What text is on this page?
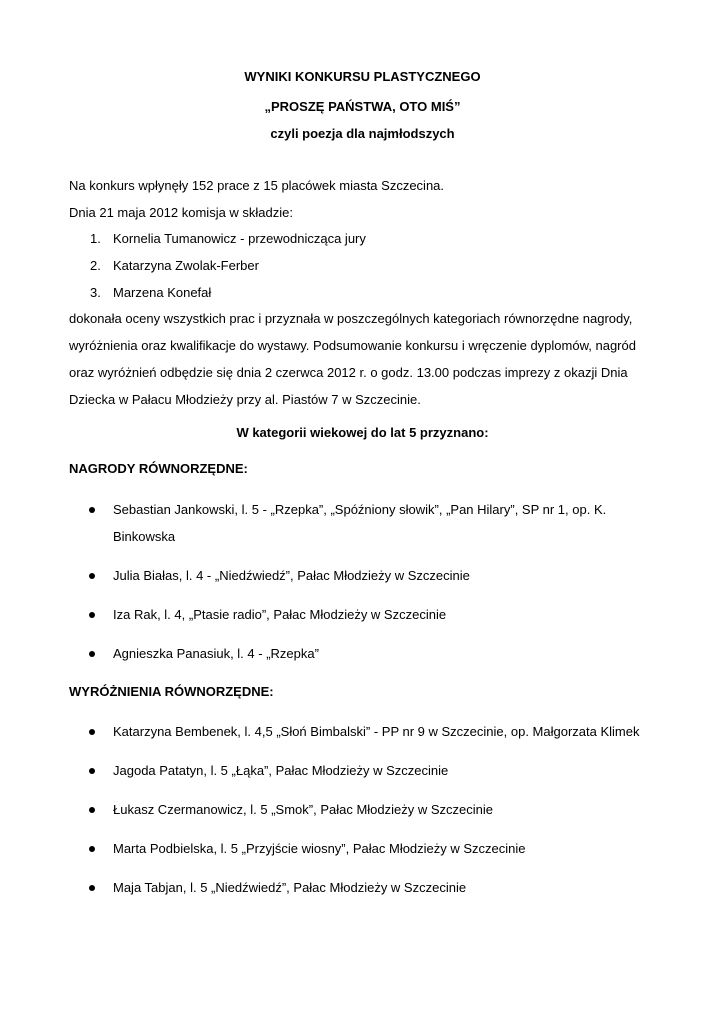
WYNIKI KONKURSU PLASTYCZNEGO
„PROSZĘ PAŃSTWA, OTO MIŚ”
czyli poezja dla najmłodszych
Na konkurs wpłynęły 152 prace z 15 placówek miasta Szczecina.
Dnia 21 maja 2012 komisja w składzie:
1. Kornelia Tumanowicz - przewodnicząca jury
2. Katarzyna Zwolak-Ferber
3. Marzena Konefał
dokonała oceny wszystkich prac i przyznała w poszczególnych kategoriach równorzędne nagrody,
wyróżnienia oraz kwalifikacje do wystawy. Podsumowanie konkursu i wręczenie dyplomów, nagród
oraz wyróżnień odbędzie się dnia 2 czerwca 2012 r. o godz. 13.00 podczas imprezy z okazji Dnia
Dziecka w Pałacu Młodzieży przy al. Piastów 7 w Szczecinie.
W kategorii wiekowej do lat 5 przyznano:
NAGRODY RÓWNORZĘDNE:
Sebastian Jankowski, l. 5 - „Rzepka”, „Spóźniony słowik”, „Pan Hilary”, SP nr 1, op. K.
Binkowska
Julia Białas, l. 4 - „Niedźwiedź”, Pałac Młodzieży w Szczecinie
Iza Rak, l. 4, „Ptasie radio”, Pałac Młodzieży w Szczecinie
Agnieszka Panasiuk, l. 4 - „Rzepka”
WYRÓŻNIENIA RÓWNORZĘDNE:
Katarzyna Bembenek, l. 4,5 „Słoń Bimbalski” - PP nr 9 w Szczecinie, op. Małgorzata Klimek
Jagoda Patatyn, l. 5 „Łąka”, Pałac Młodzieży w Szczecinie
Łukasz Czermanowicz, l. 5 „Smok”, Pałac Młodzieży w Szczecinie
Marta Podbielska, l. 5 „Przyjście wiosny”, Pałac Młodzieży w Szczecinie
Maja Tabjan, l. 5 „Niedźwiedź”, Pałac Młodzieży w Szczecinie
